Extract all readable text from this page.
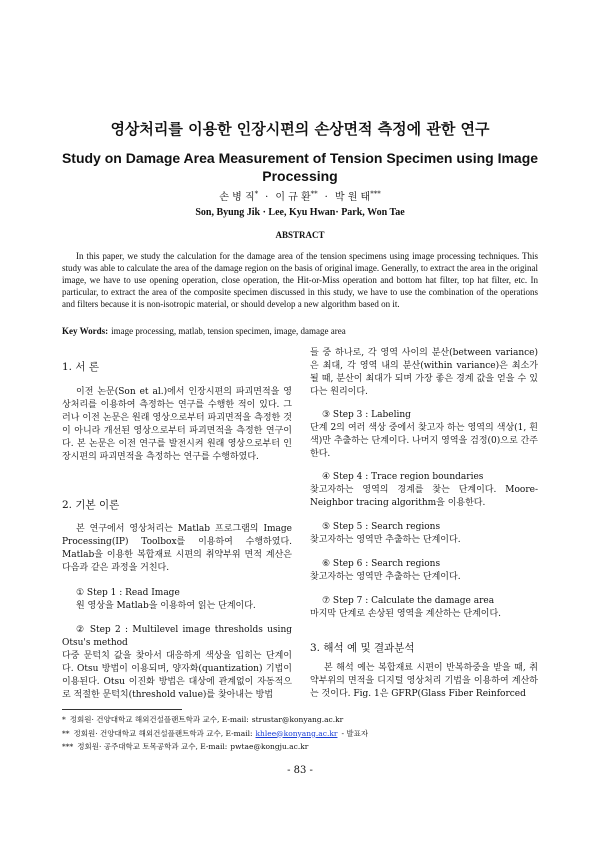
영상처리를 이용한 인장시편의 손상면적 측정에 관한 연구
Study on Damage Area Measurement of Tension Specimen using Image Processing
손 병 직* · 이 규 환** · 박 원 태***
Son, Byung Jik · Lee, Kyu Hwan· Park, Won Tae
ABSTRACT
In this paper, we study the calculation for the damage area of the tension specimens using image processing techniques. This study was able to calculate the area of the damage region on the basis of original image. Generally, to extract the area in the original image, we have to use opening operation, close operation, the Hit-or-Miss operation and bottom hat filter, top hat filter, etc. In particular, to extract the area of the composite specimen discussed in this study, we have to use the combination of the operations and filters because it is non-isotropic material, or should develop a new algorithm based on it.
Key Words: image processing, matlab, tension specimen, image, damage area
1. 서 론
이전 논문(Son et al.)에서 인장시편의 파괴면적을 영상처리를 이용하여 측정하는 연구를 수행한 적이 있다. 그러나 이전 논문은 원래 영상으로부터 파괴면적을 측정한 것이 아니라 개선된 영상으로부터 파괴면적을 측정한 연구이다. 본 논문은 이전 연구를 발전시켜 원래 영상으로부터 인장시편의 파괴면적을 측정하는 연구를 수행하였다.
2. 기본 이론
본 연구에서 영상처리는 Matlab 프로그램의 Image Processing(IP) Toolbox를 이용하여 수행하였다. Matlab을 이용한 복합재료 시편의 취약부위 면적 계산은 다음과 같은 과정을 거친다.
① Step 1 : Read Image
원 영상을 Matlab을 이용하여 읽는 단계이다.
② Step 2 : Multilevel image thresholds using Otsu's method
다중 문턱치 값을 찾아서 대응하게 색상을 입히는 단계이다. Otsu 방법이 이용되며, 양자화(quantization) 기법이 이용된다. Otsu 이진화 방법은 대상에 관계없이 자동적으로 적절한 문턱치(threshold value)를 찾아내는 방법
들 중 하나로, 각 영역 사이의 분산(between variance)은 최대, 각 영역 내의 분산(within variance)은 최소가 될 때, 분산이 최대가 되며 가장 좋은 경계 값을 얻을 수 있다는 원리이다.
③ Step 3 : Labeling
단계 2의 여러 색상 중에서 찾고자 하는 영역의 색상(1, 흰색)만 추출하는 단계이다. 나머지 영역을 검정(0)으로 간주한다.
④ Step 4 : Trace region boundaries
찾고자하는 영역의 경계를 찾는 단계이다. Moore-Neighbor tracing algorithm을 이용한다.
⑤ Step 5 : Search regions
찾고자하는 영역만 추출하는 단계이다.
⑥ Step 6 : Search regions
찾고자하는 영역만 추출하는 단계이다.
⑦ Step 7 : Calculate the damage area
마지막 단계로 손상된 영역을 계산하는 단계이다.
3. 해석 예 및 결과분석
본 해석 예는 복합재료 시편이 반복하중을 받을 때, 취약부위의 면적을 디지털 영상처리 기법을 이용하여 계산하는 것이다. Fig. 1은 GFRP(Glass Fiber Reinforced
* 정회원· 건양대학교 해외건설플랜트학과 교수, E-mail: strustar@konyang.ac.kr
** 정회원· 건양대학교 해외건설플랜트학과 교수, E-mail: khlee@konyang.ac.kr - 발표자
*** 정회원· 공주대학교 토목공학과 교수, E-mail: pwtae@kongju.ac.kr
- 83 -
